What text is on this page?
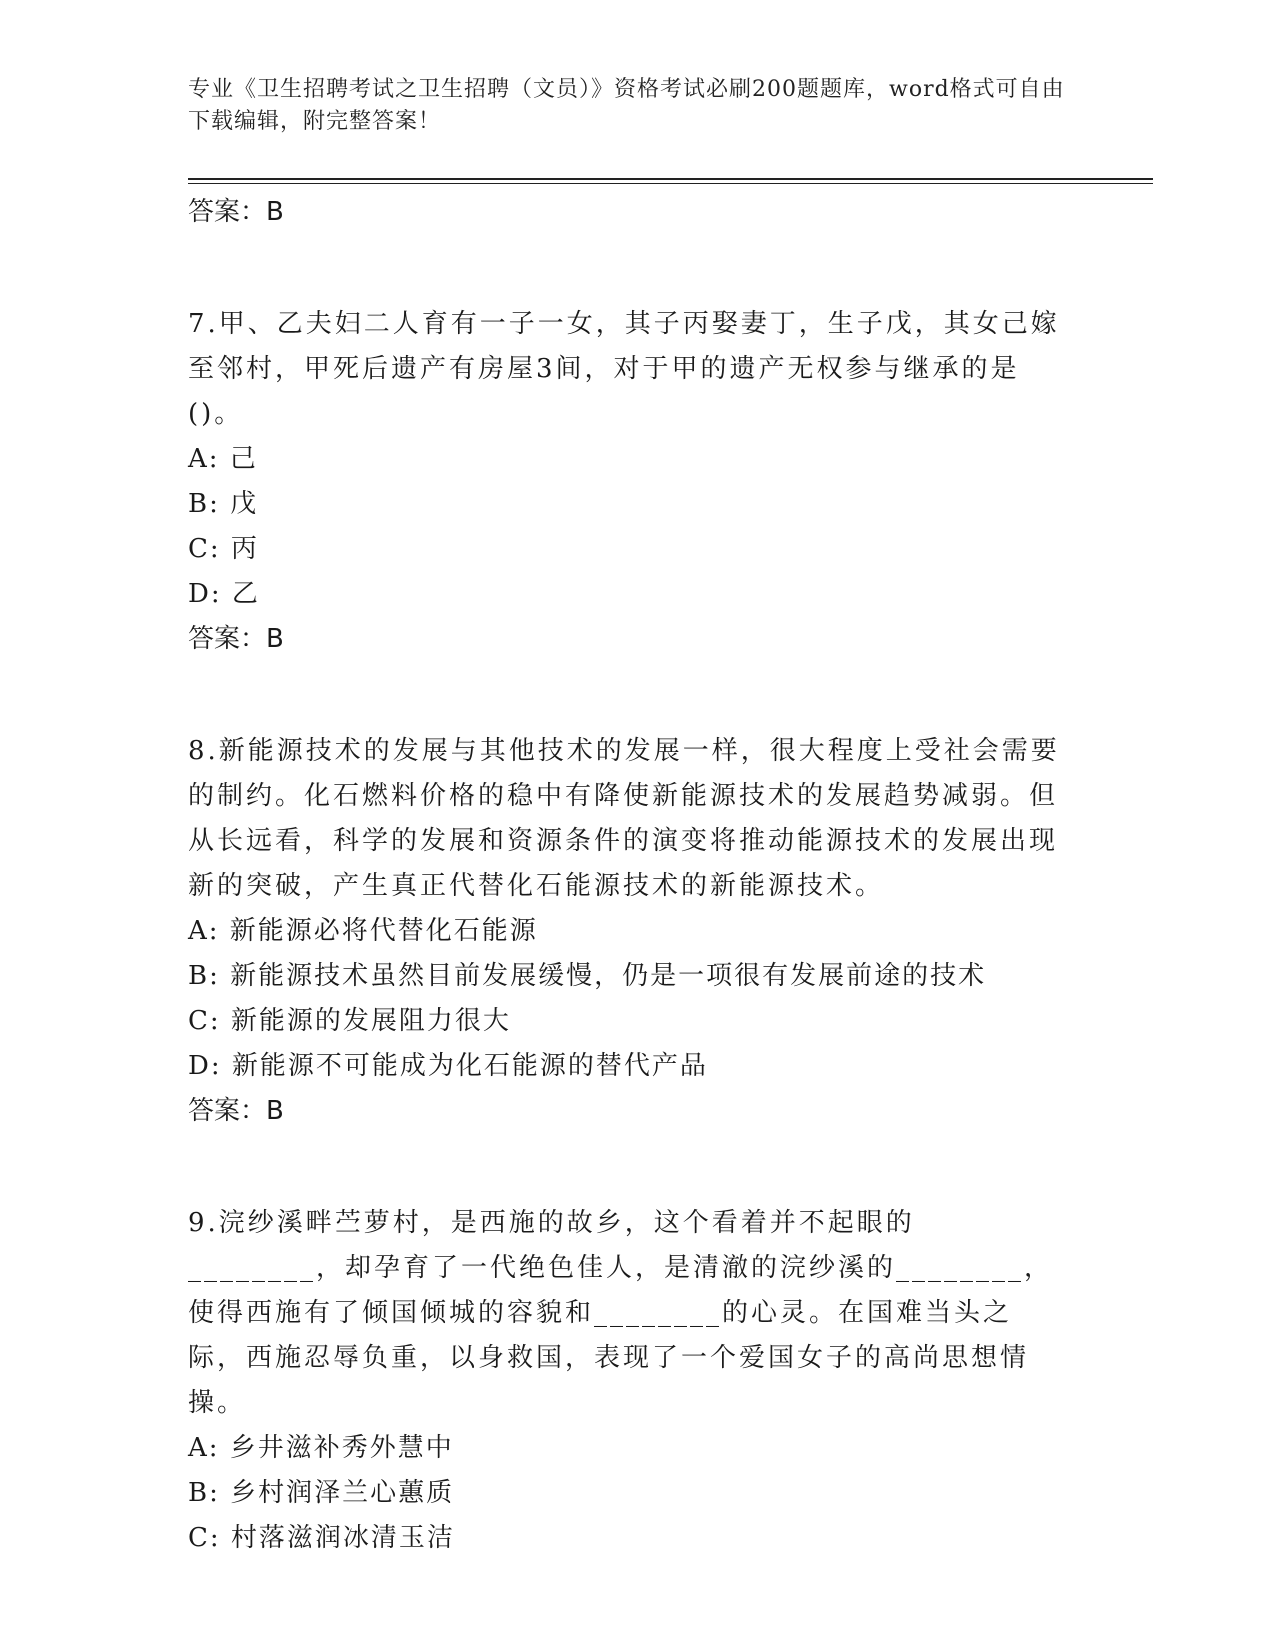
专业《卫生招聘考试之卫生招聘（文员）》资格考试必刷200题题库，word格式可自由下载编辑，附完整答案！

答案：B

7.甲、乙夫妇二人育有一子一女，其子丙娶妻丁，生子戊，其女己嫁至邻村，甲死后遗产有房屋3间，对于甲的遗产无权参与继承的是()。

A: 己

B: 戊

C: 丙

D: 乙

答案：B

8.新能源技术的发展与其他技术的发展一样，很大程度上受社会需要的制约。化石燃料价格的稳中有降使新能源技术的发展趋势减弱。但从长远看，科学的发展和资源条件的演变将推动能源技术的发展出现新的突破，产生真正代替化石能源技术的新能源技术。

A: 新能源必将代替化石能源

B: 新能源技术虽然目前发展缓慢，仍是一项很有发展前途的技术

C: 新能源的发展阻力很大

D: 新能源不可能成为化石能源的替代产品

答案：B

9.浣纱溪畔苎萝村，是西施的故乡，这个看着并不起眼的________，却孕育了一代绝色佳人，是清澈的浣纱溪的________，使得西施有了倾国倾城的容貌和________的心灵。在国难当头之际，西施忍辱负重，以身救国，表现了一个爱国女子的高尚思想情操。

A: 乡井滋补秀外慧中

B: 乡村润泽兰心蕙质

C: 村落滋润冰清玉洁
